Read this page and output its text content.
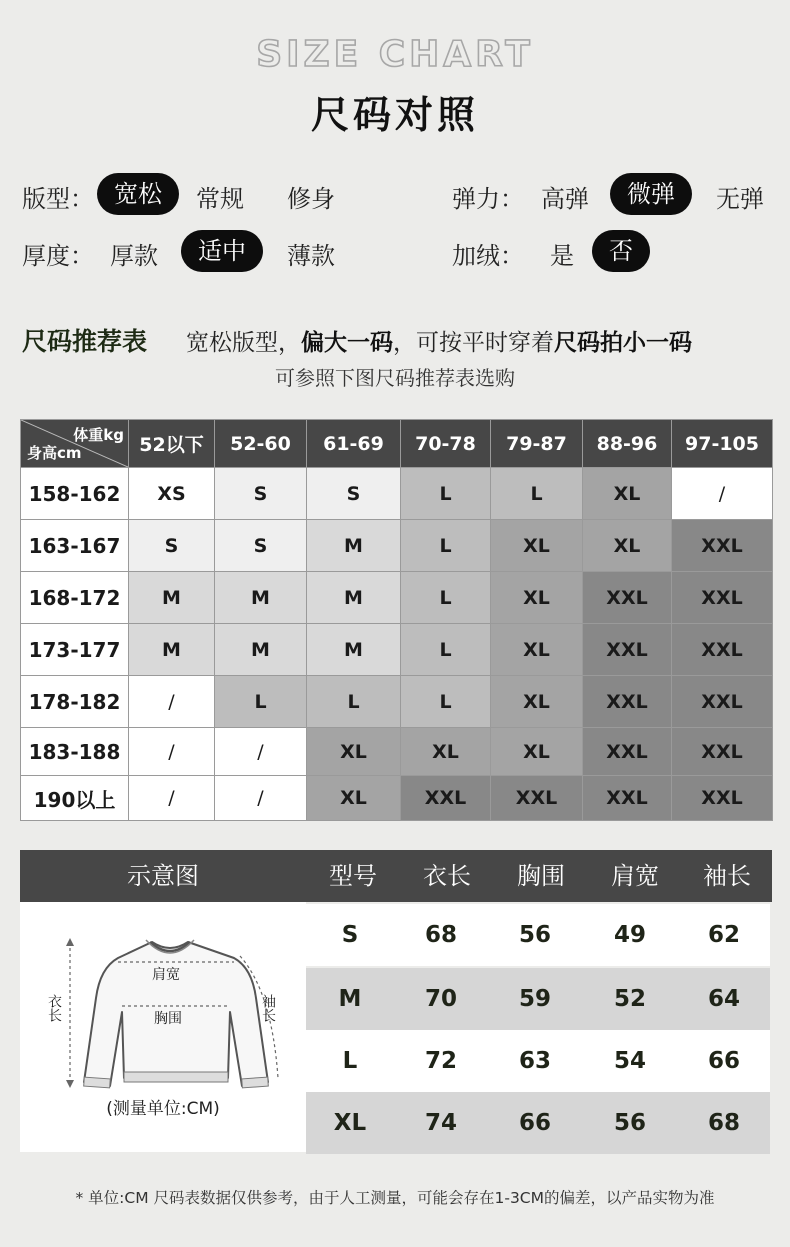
SIZE CHART
尺码对照
版型： 宽松	常规 修身	弹力： 高弹	微弹	无弹
厚度： 厚款	适中	薄款	加绒： 是	否
尺码推荐表 宽松版型，偏大一码，可按平时穿着尺码拍小一码
可参照下图尺码推荐表选购
体重kg
身高cm	52以下	52-60	61-69	70-78	79-87	88-96	97-105
158-162	XS	S	S	L	L	XL	/
163-167	S	S	M	L	XL	XL	XXL
168-172	M	M	M	L	XL	XXL	XXL
173-177	M	M	M	L	XL	XXL	XXL
178-182	/	L	L	L	XL	XXL	XXL
183-188	/	/	XL	XL	XL	XXL	XXL
190以上	/	/	XL	XXL	XXL	XXL	XXL
示意图	型号	衣长	胸围	肩宽	袖长
肩宽
胸围
衣长	袖长
(测量单位:CM)
S	68	56	49	62
M	70	59	52	64
L	72	63	54	66
XL	74	66	56	68
* 单位:CM 尺码表数据仅供参考，由于人工测量，可能会存在1-3CM的偏差，以产品实物为准
